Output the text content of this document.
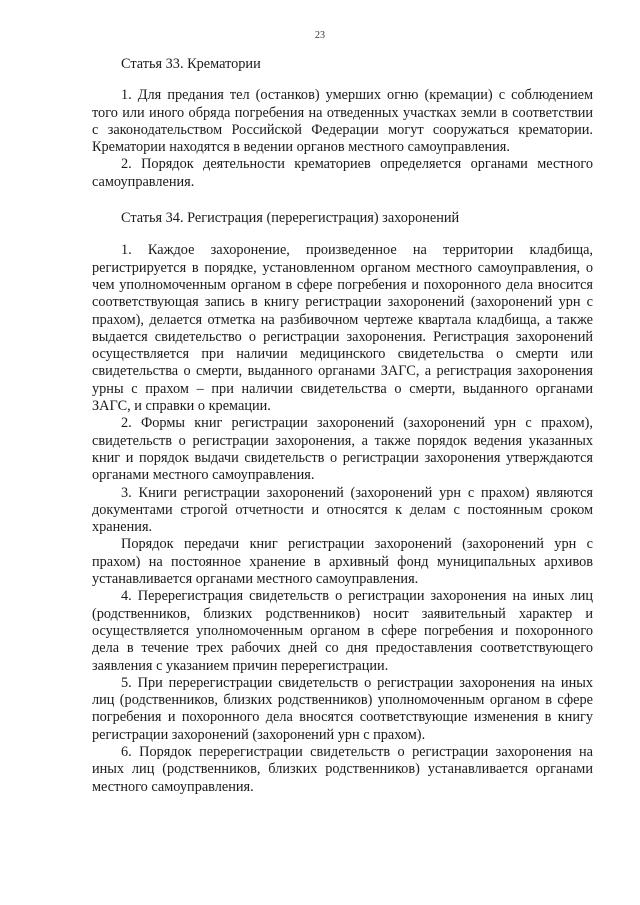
23
Статья 33. Крематории

1. Для предания тел (останков) умерших огню (кремации) с соблюдением того или иного обряда погребения на отведенных участках земли в соответствии с законодательством Российской Федерации могут сооружаться крематории. Крематории находятся в ведении органов местного самоуправления.

2. Порядок деятельности крематориев определяется органами местного самоуправления.

Статья 34. Регистрация (перерегистрация) захоронений

1. Каждое захоронение, произведенное на территории кладбища, регистрируется в порядке, установленном органом местного самоуправления, о чем уполномоченным органом в сфере погребения и похоронного дела вносится соответствующая запись в книгу регистрации захоронений (захоронений урн с прахом), делается отметка на разбивочном чертеже квартала кладбища, а также выдается свидетельство о регистрации захоронения. Регистрация захоронений осуществляется при наличии медицинского свидетельства о смерти или свидетельства о смерти, выданного органами ЗАГС, а регистрация захоронения урны с прахом – при наличии свидетельства о смерти, выданного органами ЗАГС, и справки о кремации.

2. Формы книг регистрации захоронений (захоронений урн с прахом), свидетельств о регистрации захоронения, а также порядок ведения указанных книг и порядок выдачи свидетельств о регистрации захоронения утверждаются органами местного самоуправления.

3. Книги регистрации захоронений (захоронений урн с прахом) являются документами строгой отчетности и относятся к делам с постоянным сроком хранения.

Порядок передачи книг регистрации захоронений (захоронений урн с прахом) на постоянное хранение в архивный фонд муниципальных архивов устанавливается органами местного самоуправления.

4. Перерегистрация свидетельств о регистрации захоронения на иных лиц (родственников, близких родственников) носит заявительный характер и осуществляется уполномоченным органом в сфере погребения и похоронного дела в течение трех рабочих дней со дня предоставления соответствующего заявления с указанием причин перерегистрации.

5. При перерегистрации свидетельств о регистрации захоронения на иных лиц (родственников, близких родственников) уполномоченным органом в сфере погребения и похоронного дела вносятся соответствующие изменения в книгу регистрации захоронений (захоронений урн с прахом).

6. Порядок перерегистрации свидетельств о регистрации захоронения на иных лиц (родственников, близких родственников) устанавливается органами местного самоуправления.
